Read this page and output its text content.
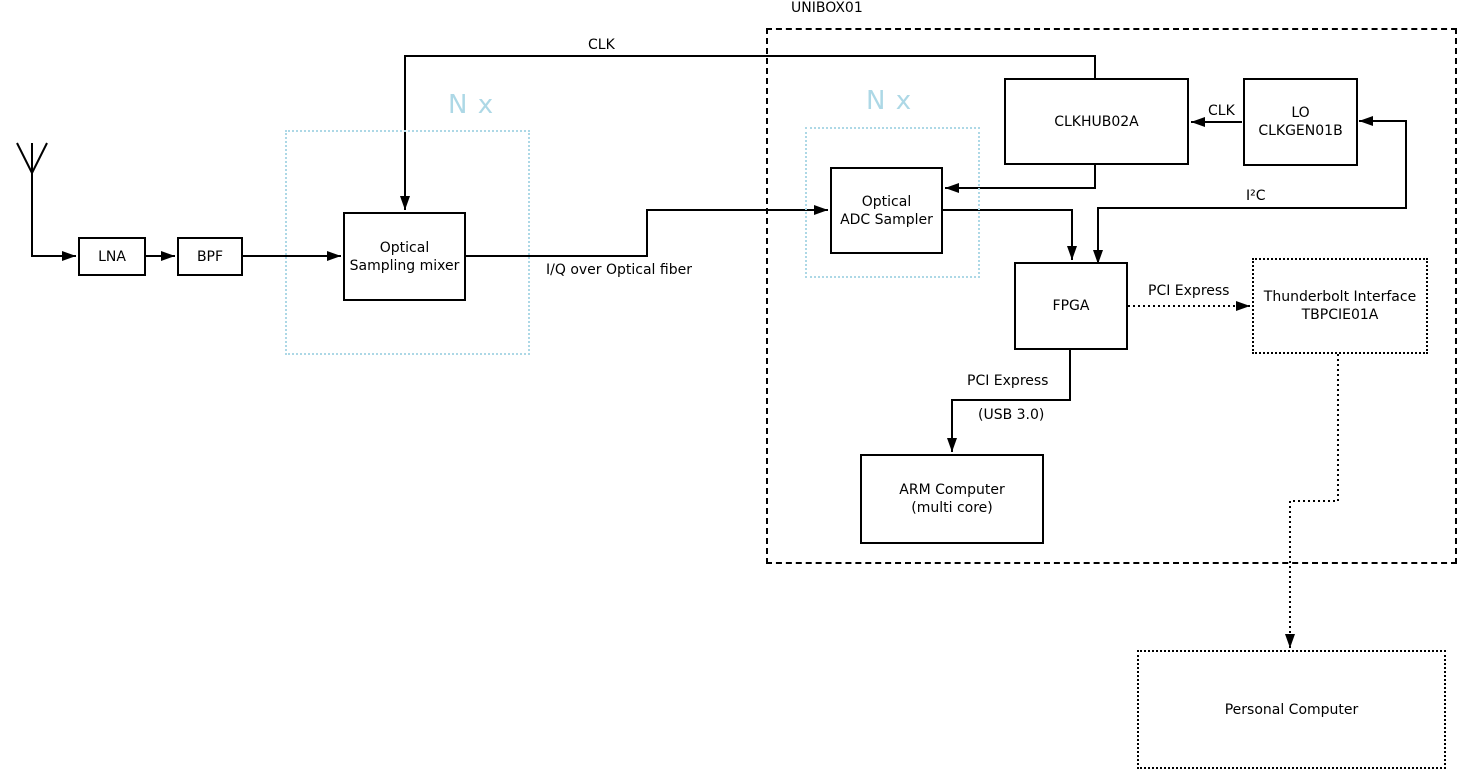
UNIBOX01
N x	N x
LNA	BPF
Optical
Sampling mixer
Optical
ADC Sampler
CLKHUB02A
LO
CLKGEN01B
FPGA
ARM Computer
(multi core)
Thunderbolt Interface
TBPCIE01A
Personal Computer
CLK
CLK
I²C
I/Q over Optical fiber
PCI Express
PCI Express
(USB 3.0)
